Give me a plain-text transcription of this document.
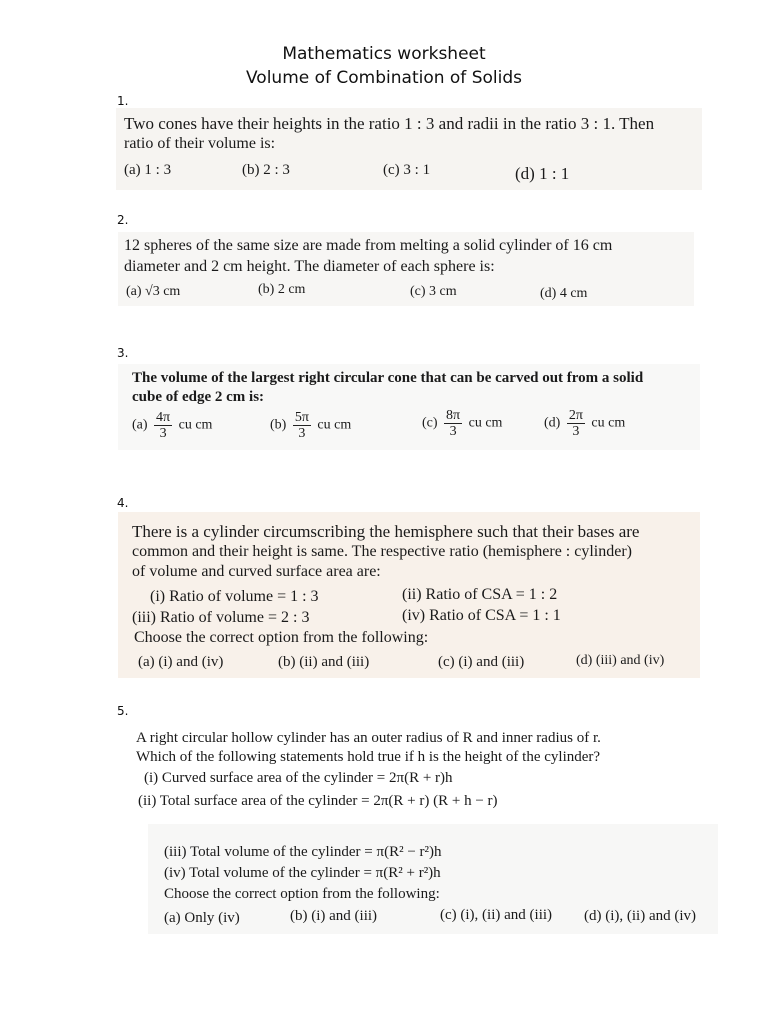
Mathematics worksheet
Volume of Combination of Solids
1.
Two cones have their heights in the ratio 1 : 3 and radii in the ratio 3 : 1. Then
ratio of their volume is:
(a) 1 : 3	(b) 2 : 3	(c) 3 : 1	(d) 1 : 1
2.
12 spheres of the same size are made from melting a solid cylinder of 16 cm
diameter and 2 cm height. The diameter of each sphere is:
(a) √3 cm	(b) 2 cm	(c) 3 cm	(d) 4 cm
3.
The volume of the largest right circular cone that can be carved out from a solid
cube of edge 2 cm is:
$(a) \frac{4\pi}{3}$ cu cm	$(b) \frac{5\pi}{3}$ cu cm	$(c) \frac{8\pi}{3}$ cu cm	$(d) \frac{2\pi}{3}$ cu cm
4.
There is a cylinder circumscribing the hemisphere such that their bases are
common and their height is same. The respective ratio (hemisphere : cylinder)
of volume and curved surface area are:
(i) Ratio of volume = 1 : 3	(ii) Ratio of CSA = 1 : 2
(iii) Ratio of volume = 2 : 3	(iv) Ratio of CSA = 1 : 1
Choose the correct option from the following:
(a) (i) and (iv)	(b) (ii) and (iii)	(c) (i) and (iii)	(d) (iii) and (iv)
5.
A right circular hollow cylinder has an outer radius of R and inner radius of r.
Which of the following statements hold true if h is the height of the cylinder?
(i) Curved surface area of the cylinder = 2π(R + r)h
(ii) Total surface area of the cylinder = 2π(R + r) (R + h − r)
(iii) Total volume of the cylinder = π(R² − r²)h
(iv) Total volume of the cylinder = π(R² + r²)h
Choose the correct option from the following:
(a) Only (iv)	(b) (i) and (iii)	(c) (i), (ii) and (iii) (d) (i), (ii) and (iv)
